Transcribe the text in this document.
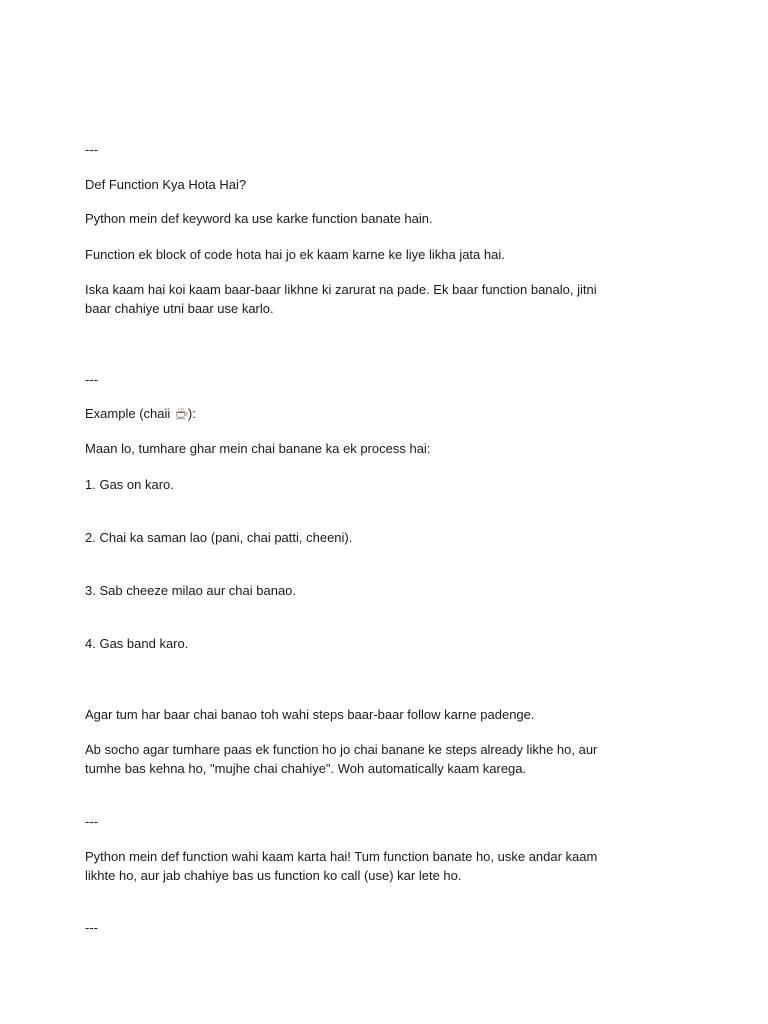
---
Def Function Kya Hota Hai?
Python mein def keyword ka use karke function banate hain.
Function ek block of code hota hai jo ek kaam karne ke liye likha jata hai.
Iska kaam hai koi kaam baar-baar likhne ki zarurat na pade. Ek baar function banalo, jitni baar chahiye utni baar use karlo.
---
Example (chaii ):
Maan lo, tumhare ghar mein chai banane ka ek process hai:
1. Gas on karo.
2. Chai ka saman lao (pani, chai patti, cheeni).
3. Sab cheeze milao aur chai banao.
4. Gas band karo.
Agar tum har baar chai banao toh wahi steps baar-baar follow karne padenge.
Ab socho agar tumhare paas ek function ho jo chai banane ke steps already likhe ho, aur tumhe bas kehna ho, "mujhe chai chahiye". Woh automatically kaam karega.
---
Python mein def function wahi kaam karta hai! Tum function banate ho, uske andar kaam likhte ho, aur jab chahiye bas us function ko call (use) kar lete ho.
---
